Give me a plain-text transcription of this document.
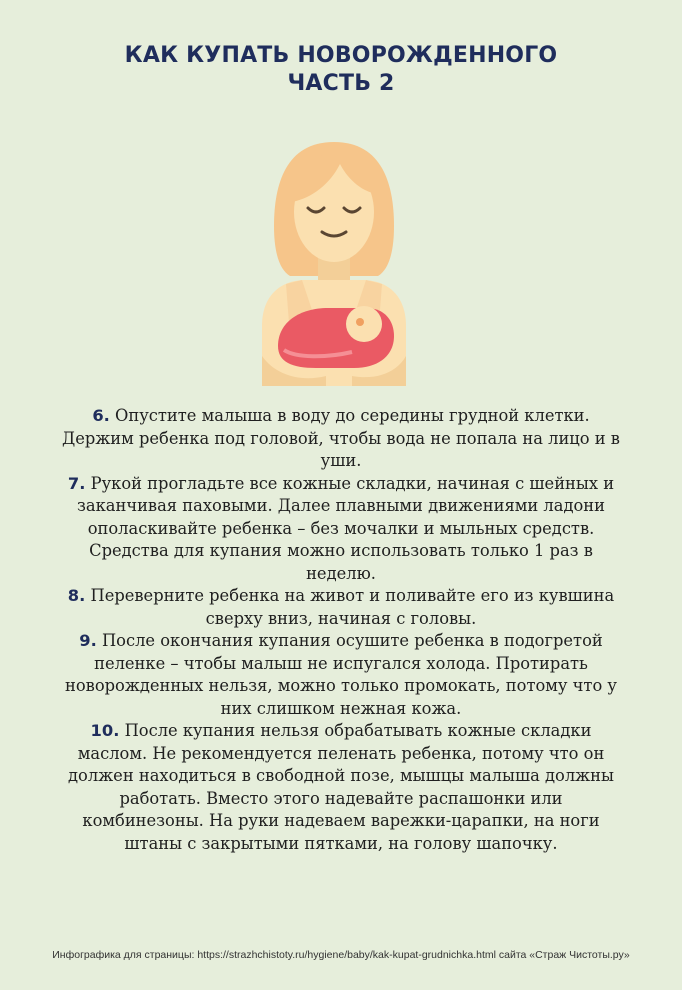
КАК КУПАТЬ НОВОРОЖДЕННОГО
ЧАСТЬ 2

6. Опустите малыша в воду до середины грудной клетки. Держим ребенка под головой, чтобы вода не попала на лицо и в уши.

7. Рукой прогладьте все кожные складки, начиная с шейных и заканчивая паховыми. Далее плавными движениями ладони ополаскивайте ребенка – без мочалки и мыльных средств. Средства для купания можно использовать только 1 раз в неделю.

8. Переверните ребенка на живот и поливайте его из кувшина сверху вниз, начиная с головы.

9. После окончания купания осушите ребенка в подогретой пеленке – чтобы малыш не испугался холода. Протирать новорожденных нельзя, можно только промокать, потому что у них слишком нежная кожа.

10. После купания нельзя обрабатывать кожные складки маслом. Не рекомендуется пеленать ребенка, потому что он должен находиться в свободной позе, мышцы малыша должны работать. Вместо этого надевайте распашонки или комбинезоны. На руки надеваем варежки-царапки, на ноги штаны с закрытыми пятками, на голову шапочку.

Инфографика для страницы: https://strazhchistoty.ru/hygiene/baby/kak-kupat-grudnichka.html сайта «Страж Чистоты.ру»
